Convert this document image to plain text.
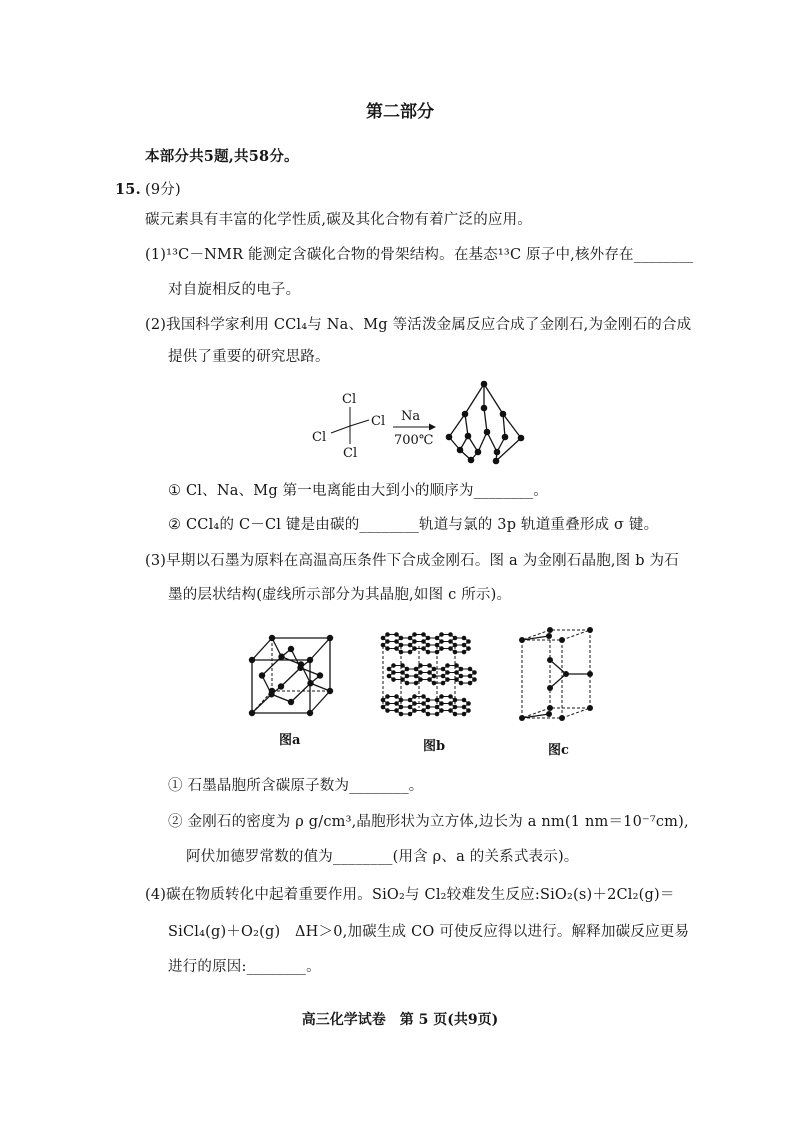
第二部分
本部分共5题,共58分。
15. (9分)
碳元素具有丰富的化学性质,碳及其化合物有着广泛的应用。
(1)¹³C－NMR 能测定含碳化合物的骨架结构。在基态¹³C 原子中,核外存在________
对自旋相反的电子。
(2)我国科学家利用 CCl₄与 Na、Mg 等活泼金属反应合成了金刚石,为金刚石的合成
提供了重要的研究思路。
① Cl、Na、Mg 第一电离能由大到小的顺序为________。
② CCl₄的 C－Cl 键是由碳的________轨道与氯的 3p 轨道重叠形成 σ 键。
(3)早期以石墨为原料在高温高压条件下合成金刚石。图 a 为金刚石晶胞,图 b 为石
墨的层状结构(虚线所示部分为其晶胞,如图 c 所示)。
图a	图b	图c
① 石墨晶胞所含碳原子数为________。
② 金刚石的密度为 ρ g/cm³,晶胞形状为立方体,边长为 a nm(1 nm＝10⁻⁷cm),
阿伏加德罗常数的值为________(用含 ρ、a 的关系式表示)。
(4)碳在物质转化中起着重要作用。SiO₂与 Cl₂较难发生反应:SiO₂(s)＋2Cl₂(g)＝
SiCl₄(g)＋O₂(g)　ΔH＞0,加碳生成 CO 可使反应得以进行。解释加碳反应更易
进行的原因:________。
高三化学试卷　第 5 页(共9页)
Cl
Cl
Cl
Cl
Na
700℃
